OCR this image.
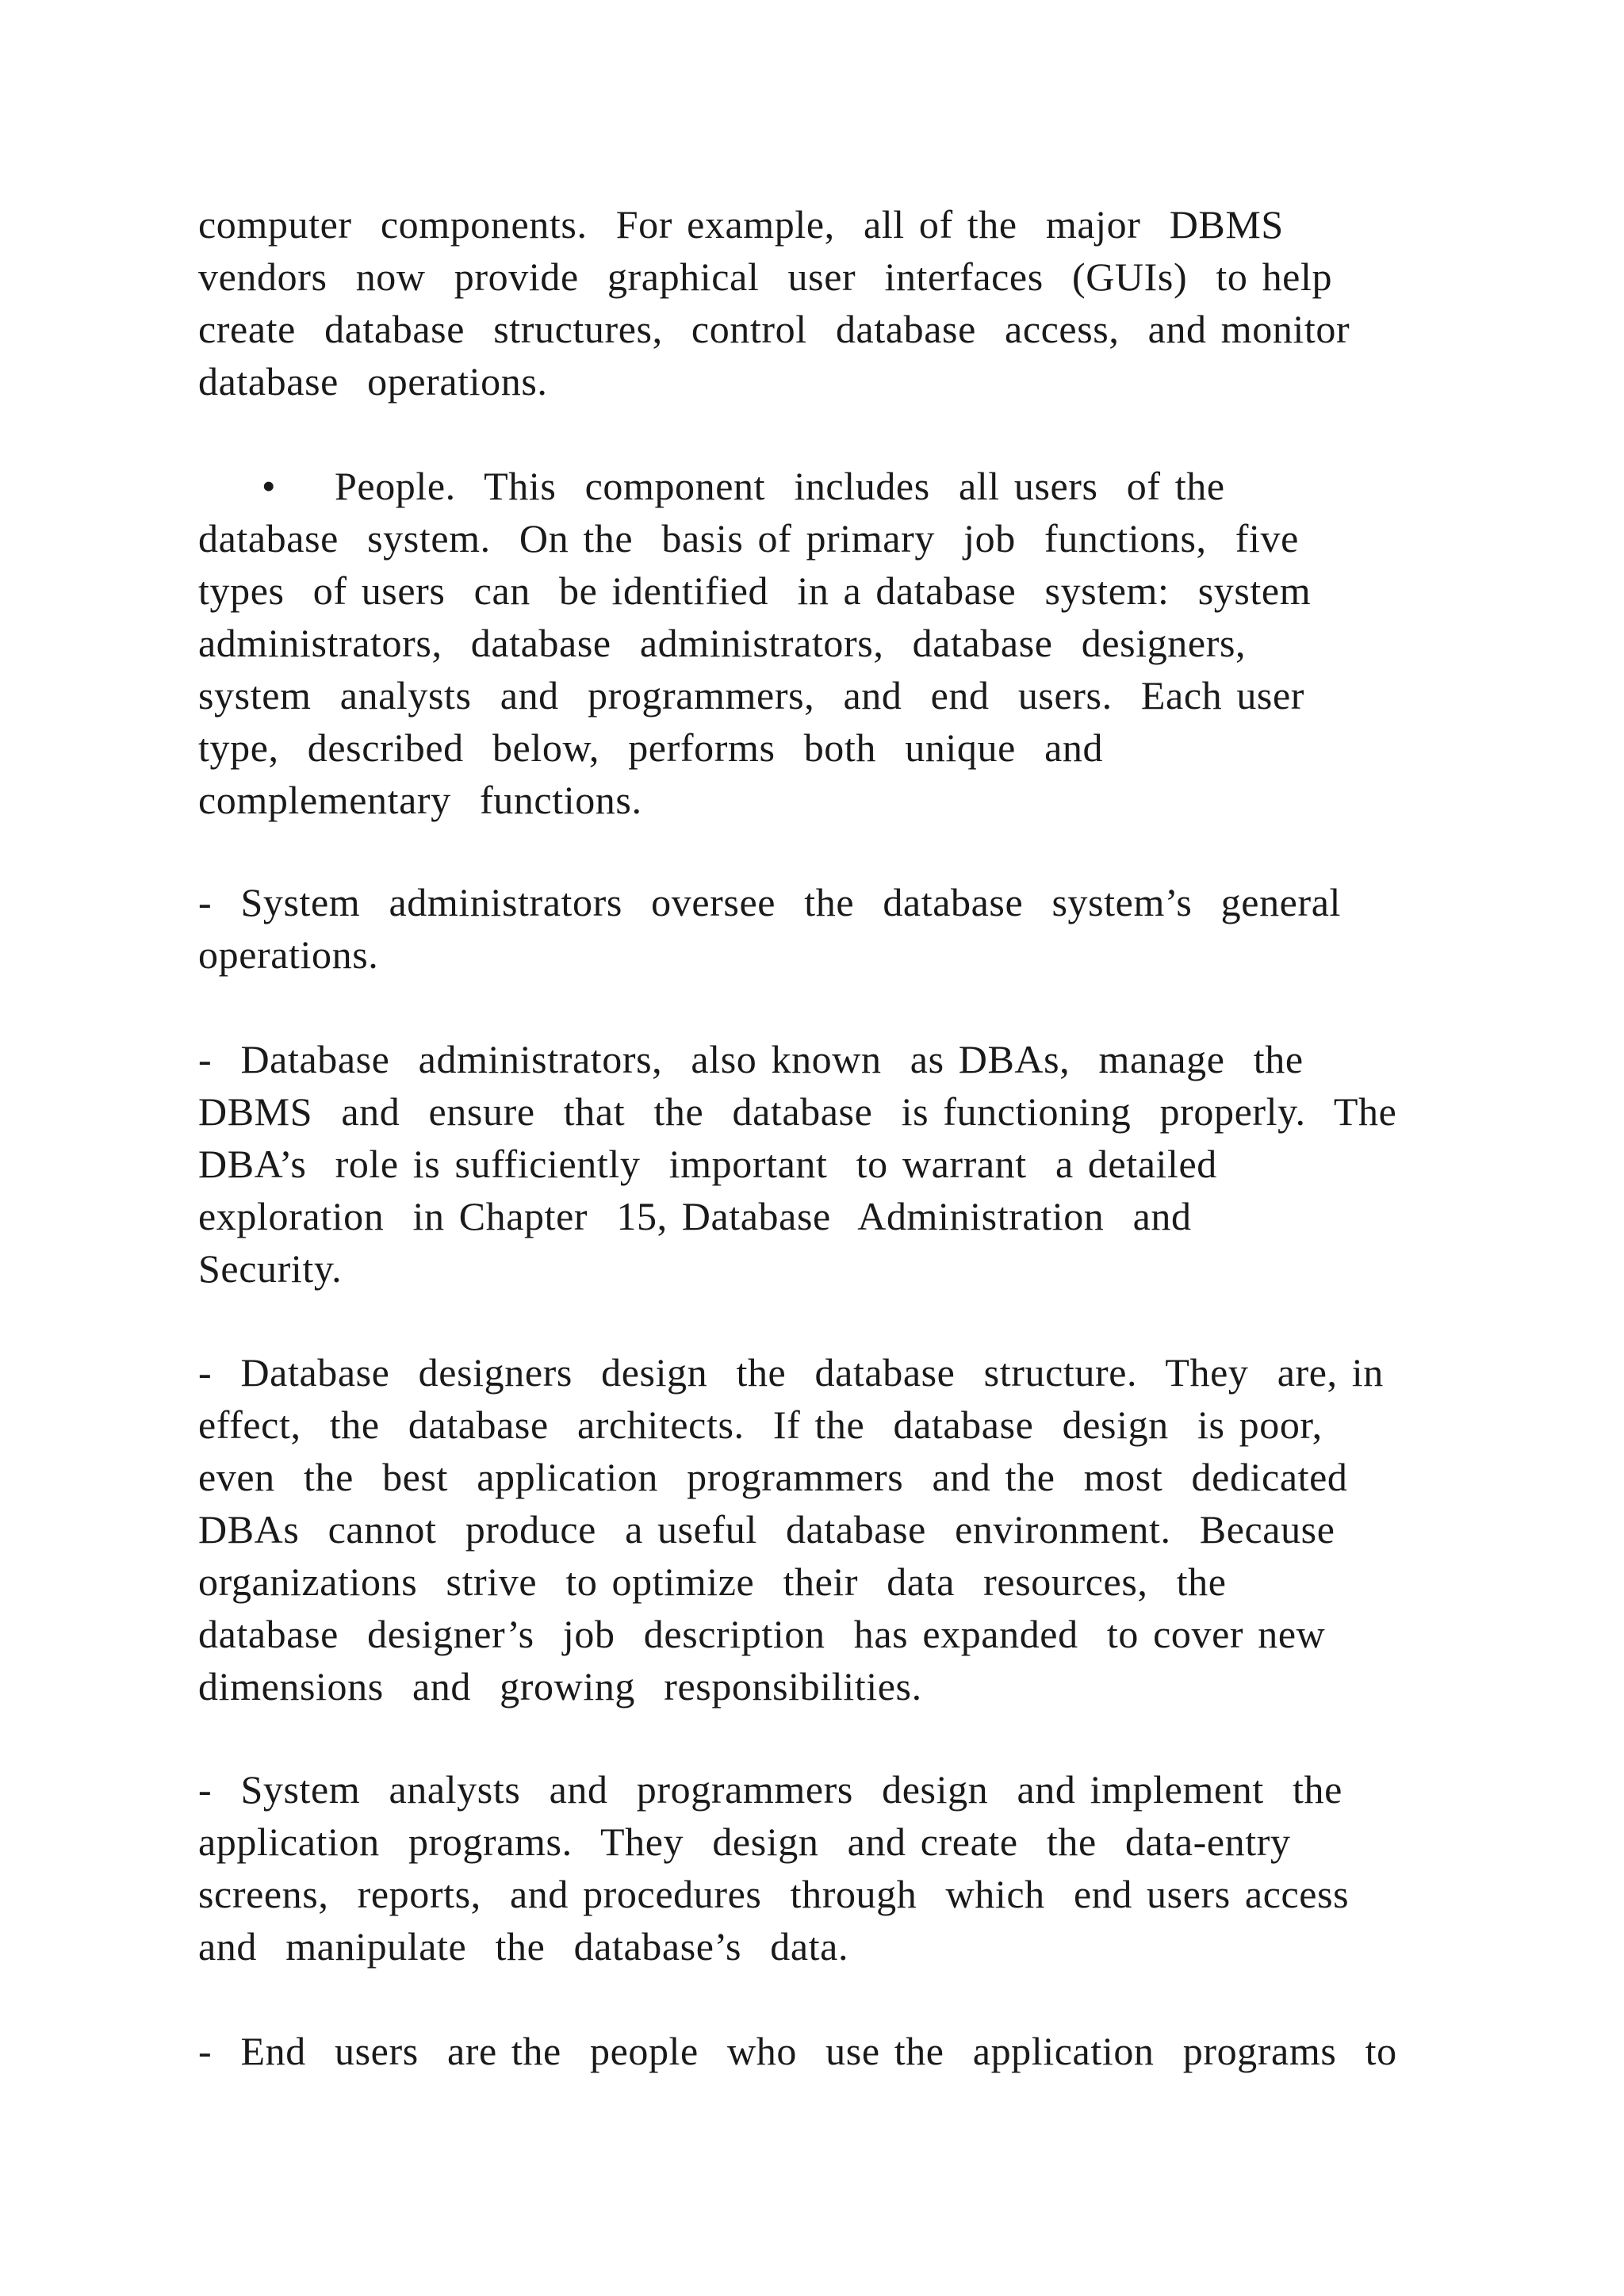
computer  components.  For example,  all of the  major  DBMS
vendors  now  provide  graphical  user  interfaces  (GUIs)  to help
create  database  structures,  control  database  access,  and monitor
database  operations.
• People.  This  component  includes  all users  of the
database  system.  On the  basis of primary  job  functions,  five
types  of users  can  be identified  in a database  system:  system
administrators,  database  administrators,  database  designers,
system  analysts  and  programmers,  and  end  users.  Each user
type,  described  below,  performs  both  unique  and
complementary  functions.
-  System  administrators  oversee  the  database  system’s  general
operations.
-  Database  administrators,  also known  as DBAs,  manage  the
DBMS  and  ensure  that  the  database  is functioning  properly.  The
DBA’s  role is sufficiently  important  to warrant  a detailed
exploration  in Chapter  15, Database  Administration  and
Security.
-  Database  designers  design  the  database  structure.  They  are, in
effect,  the  database  architects.  If the  database  design  is poor,
even  the  best  application  programmers  and the  most  dedicated
DBAs  cannot  produce  a useful  database  environment.  Because
organizations  strive  to optimize  their  data  resources,  the
database  designer’s  job  description  has expanded  to cover new
dimensions  and  growing  responsibilities.
-  System  analysts  and  programmers  design  and implement  the
application  programs.  They  design  and create  the  data-entry
screens,  reports,  and procedures  through  which  end users access
and  manipulate  the  database’s  data.
-  End  users  are the  people  who  use the  application  programs  to
